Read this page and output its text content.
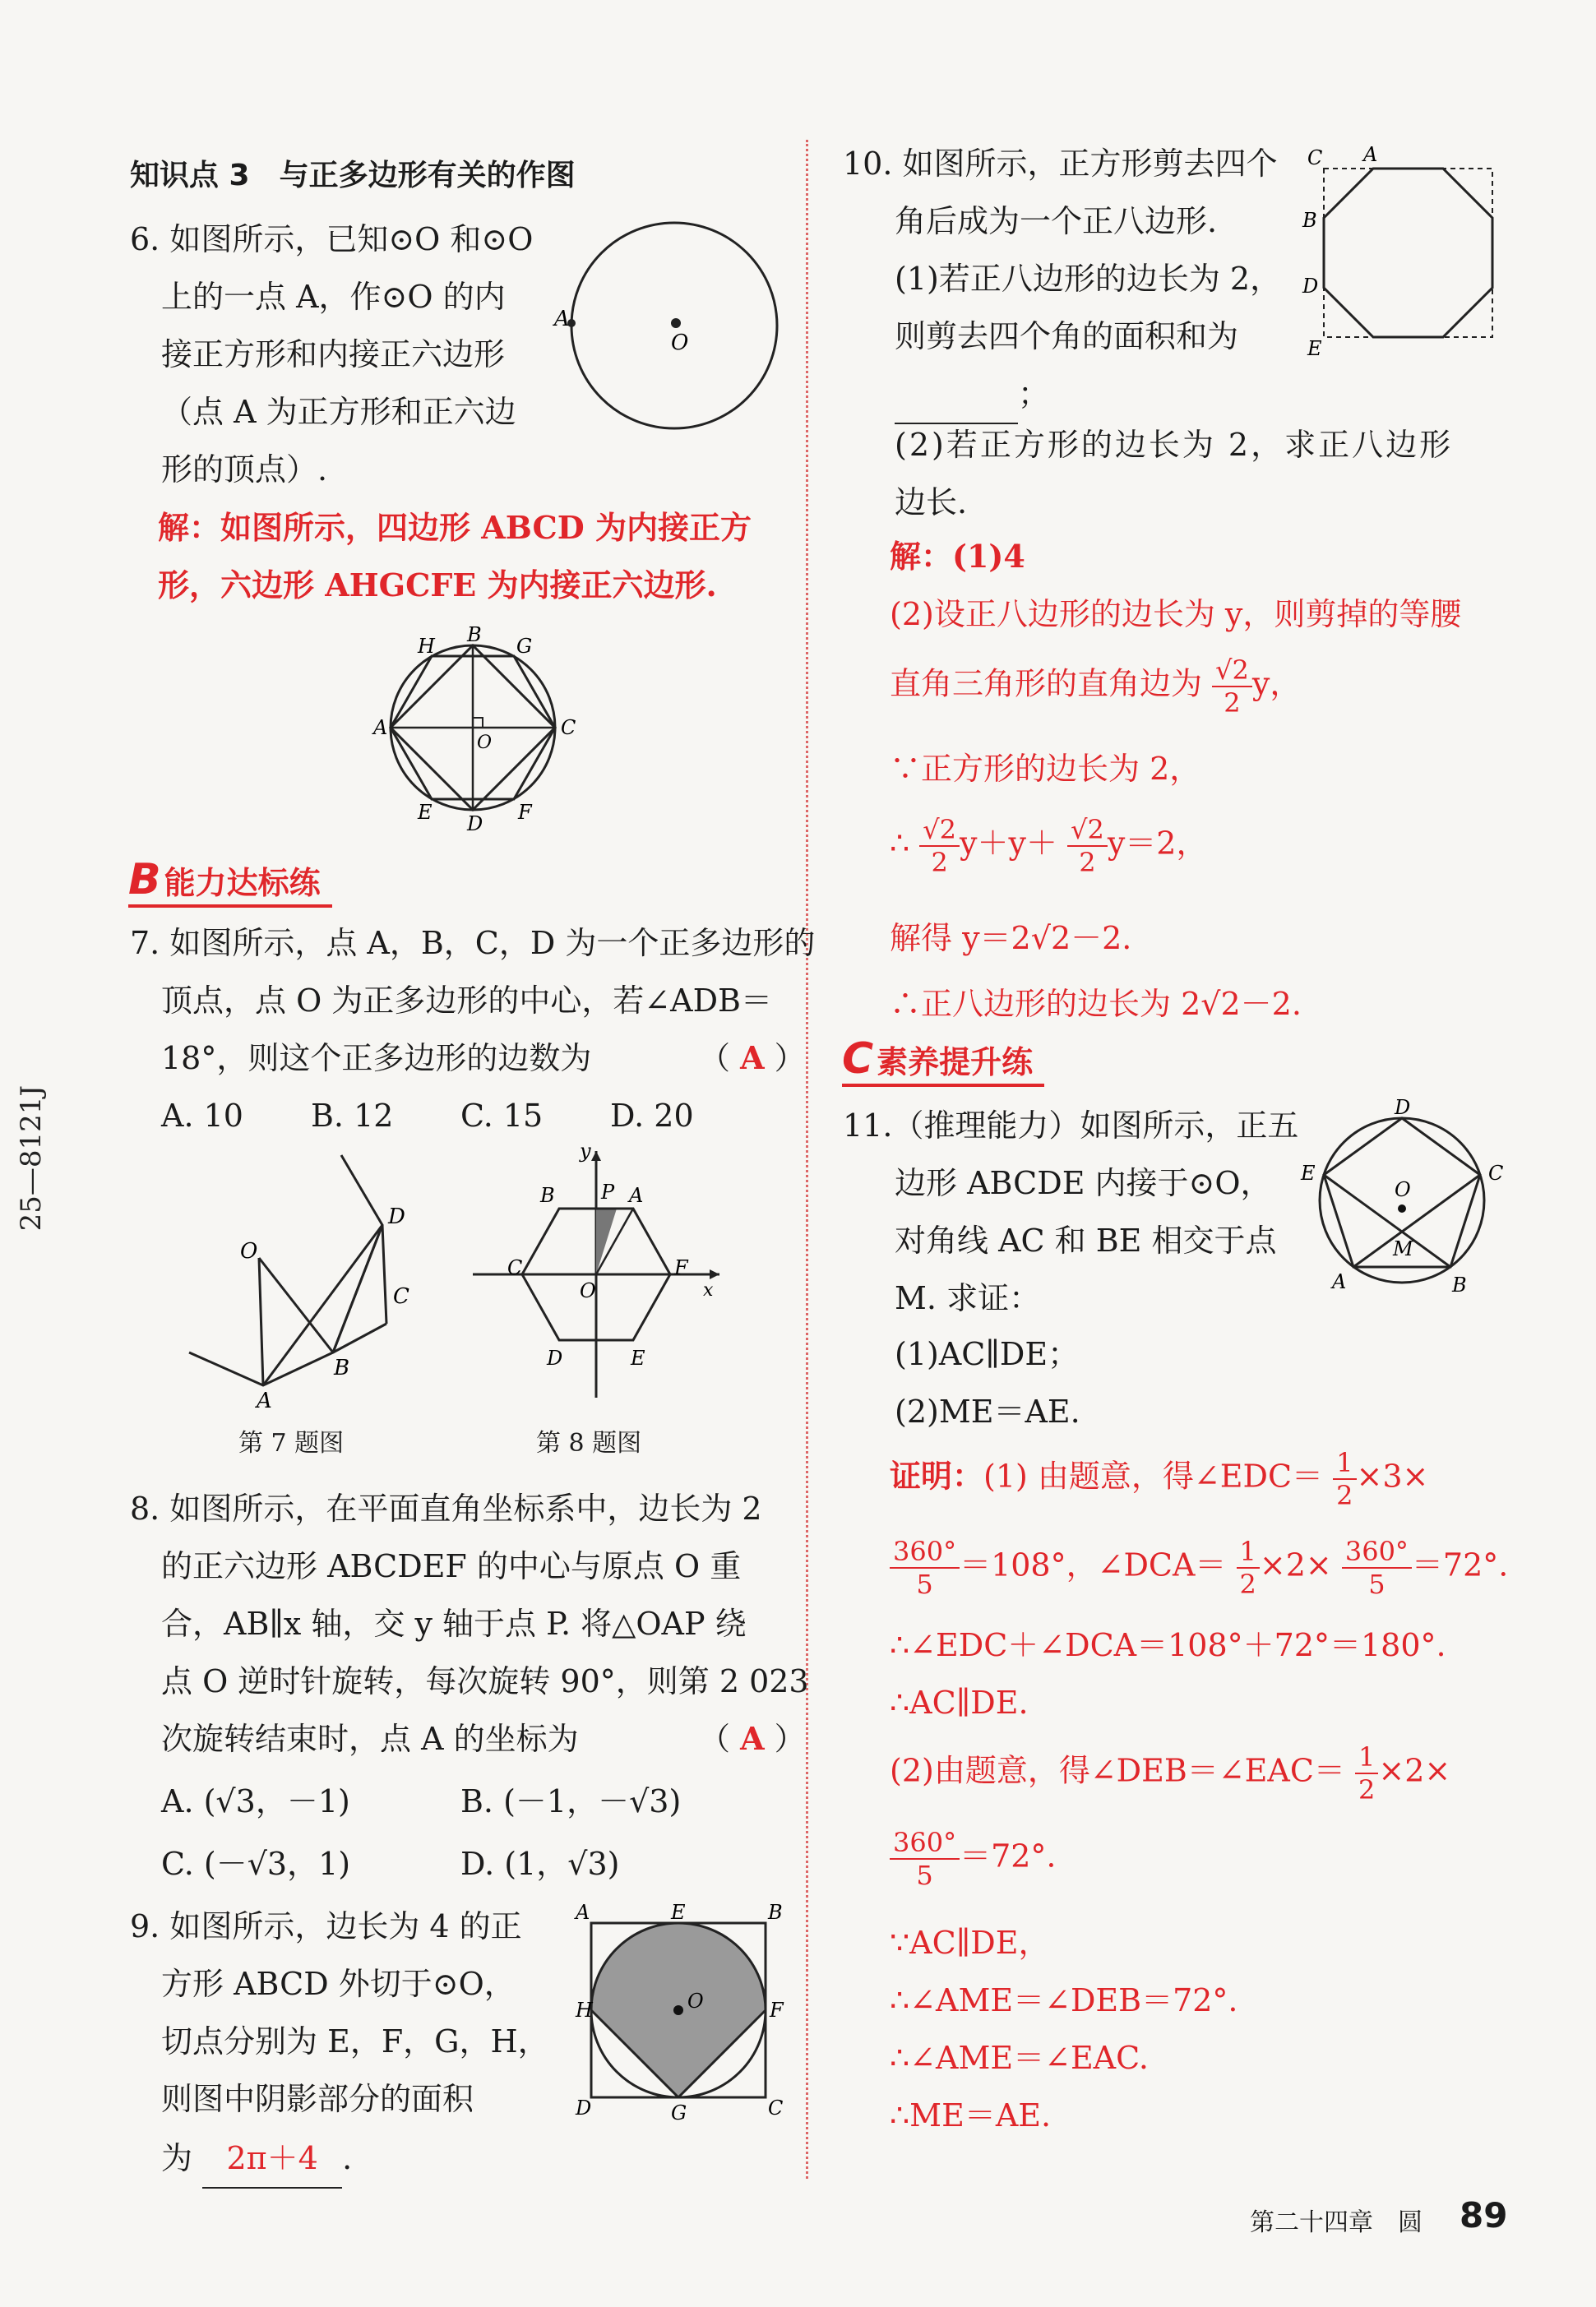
知识点 3　与正多边形有关的作图
6. 如图所示，已知⊙O 和⊙O
上的一点 A，作⊙O 的内
接正方形和内接正六边形
（点 A 为正方形和正六边
形的顶点）.
A
O
解：如图所示，四边形 ABCD 为内接正方
形，六边形 AHGCFE 为内接正六边形.
H B G
A	C
O
E D F
B 能力达标练
7. 如图所示，点 A，B，C，D 为一个正多边形的
顶点，点 O 为正多边形的中心，若∠ADB＝
18°，则这个正多边形的边数为	（ A ）
A. 10 B. 12 C. 15 D. 20
O
D
C
B
A
第 7 题图
y
B P A
C	F
O	x
D	E
第 8 题图
8. 如图所示，在平面直角坐标系中，边长为 2
的正六边形 ABCDEF 的中心与原点 O 重
合，AB∥x 轴，交 y 轴于点 P. 将△OAP 绕
点 O 逆时针旋转，每次旋转 90°，则第 2 023
次旋转结束时，点 A 的坐标为	（ A ）
A. (√3，－1)	B. (－1，－√3)
C. (－√3，1)	D. (1，√3)
9. 如图所示，边长为 4 的正
方形 ABCD 外切于⊙O，
切点分别为 E，F，G，H，
则图中阴影部分的面积
为 2π＋4 .
A	E	B
H	O	F
D	G	C
10. 如图所示，正方形剪去四个
角后成为一个正八边形.
(1)若正八边形的边长为 2，
则剪去四个角的面积和为
；
C A
B
D
E
(2)若正方形的边长为 2，求正八边形
边长.
解：(1)4
(2)设正八边形的边长为 y，则剪掉的等腰
直角三角形的直角边为 $\frac{√2}{2}$ y，
∵正方形的边长为 2，
∴ $\frac{√2}{2} y+y+ \frac{√2}{2} y=2$，
解得 y＝2√2－2.
∴正八边形的边长为 2√2－2.
C 素养提升练
11.（推理能力）如图所示，正五
边形 ABCDE 内接于⊙O，
对角线 AC 和 BE 相交于点
M. 求证：
(1)AC∥DE；
(2)ME＝AE.
D
E	C
O
M
A	B
证明：(1) 由题意，得∠EDC＝ $\frac{1}{2} \times 3\times$
$\frac{360^\circ}{5} =108^\circ$，∠DCA＝ $\frac{1}{2} \times 2\times \frac{360^\circ}{5} =72^\circ$.
∴∠EDC＋∠DCA＝108°＋72°＝180°.
∴AC∥DE.
(2)由题意，得∠DEB＝∠EAC＝ $\frac{1}{2} \times 2\times$
$\frac{360^\circ}{5} =72^\circ$.
∵AC∥DE，
∴∠AME＝∠DEB＝72°.
∴∠AME＝∠EAC.
∴ME＝AE.
25—8121J
第二十四章　圆 89
